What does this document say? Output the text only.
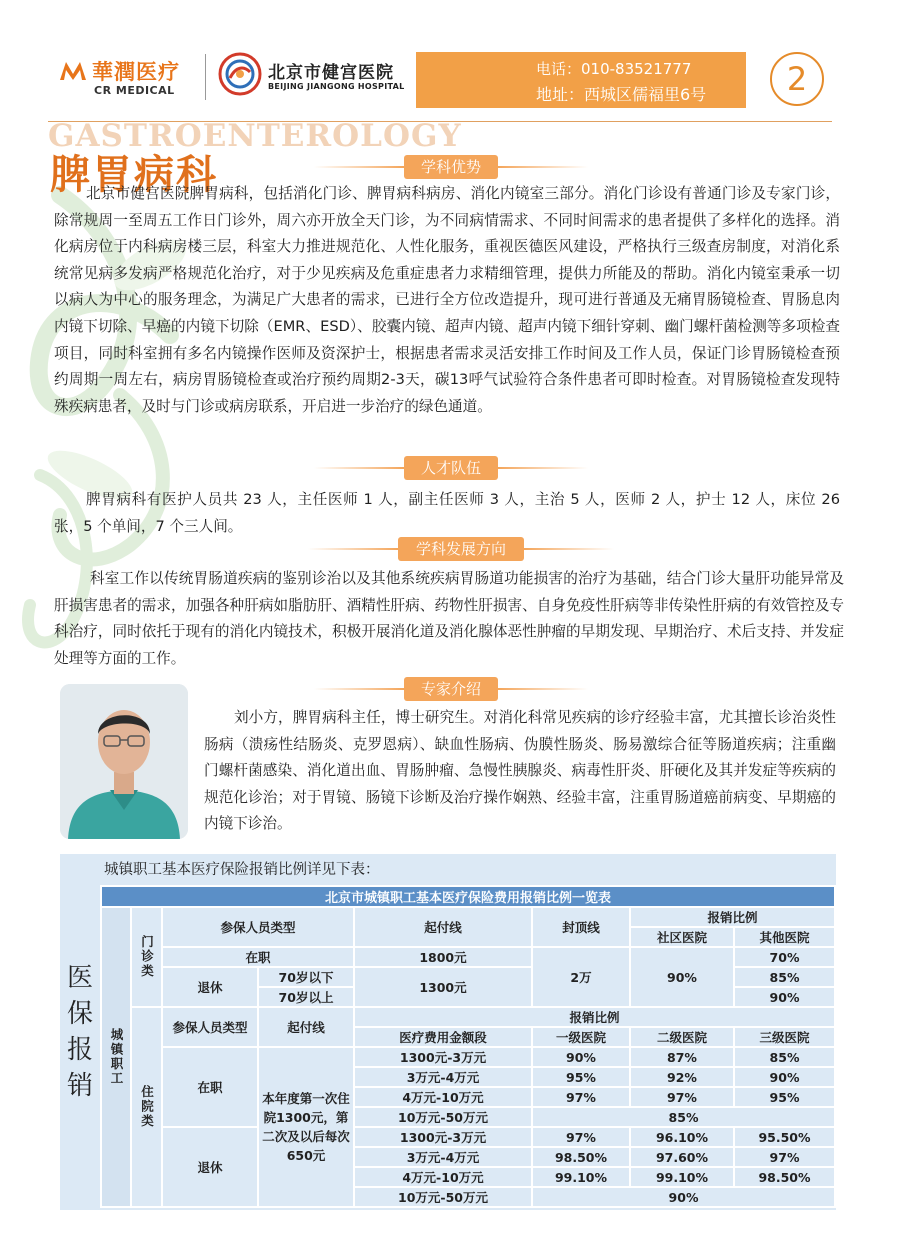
華潤医疗
CR MEDICAL
北京市健宫医院
BEIJING JIANGONG HOSPITAL
电话：010-83521777
地址：西城区儒福里6号	2
GASTROENTEROLOGY
脾胃病科	学科优势
北京市健宫医院脾胃病科，包括消化门诊、脾胃病科病房、消化内镜室三部分。消化门诊设有普通门诊及专家门诊，除常规周一至周五工作日门诊外，周六亦开放全天门诊，为不同病情需求、不同时间需求的患者提供了多样化的选择。消化病房位于内科病房楼三层，科室大力推进规范化、人性化服务，重视医德医风建设，严格执行三级查房制度，对消化系统常见病多发病严格规范化治疗，对于少见疾病及危重症患者力求精细管理，提供力所能及的帮助。消化内镜室秉承一切以病人为中心的服务理念，为满足广大患者的需求，已进行全方位改造提升，现可进行普通及无痛胃肠镜检查、胃肠息肉内镜下切除、早癌的内镜下切除（EMR、ESD）、胶囊内镜、超声内镜、超声内镜下细针穿刺、幽门螺杆菌检测等多项检查项目，同时科室拥有多名内镜操作医师及资深护士，根据患者需求灵活安排工作时间及工作人员，保证门诊胃肠镜检查预约周期一周左右，病房胃肠镜检查或治疗预约周期2-3天，碳13呼气试验符合条件患者可即时检查。对胃肠镜检查发现特殊疾病患者，及时与门诊或病房联系，开启进一步治疗的绿色通道。
人才队伍
脾胃病科有医护人员共 23 人，主任医师 1 人，副主任医师 3 人，主治 5 人，医师 2 人，护士 12 人，床位 26 张，5 个单间，7 个三人间。
学科发展方向
科室工作以传统胃肠道疾病的鉴别诊治以及其他系统疾病胃肠道功能损害的治疗为基础，结合门诊大量肝功能异常及肝损害患者的需求，加强各种肝病如脂肪肝、酒精性肝病、药物性肝损害、自身免疫性肝病等非传染性肝病的有效管控及专科治疗，同时依托于现有的消化内镜技术，积极开展消化道及消化腺体恶性肿瘤的早期发现、早期治疗、术后支持、并发症处理等方面的工作。
专家介绍
刘小方，脾胃病科主任，博士研究生。对消化科常见疾病的诊疗经验丰富，尤其擅长诊治炎性肠病（溃疡性结肠炎、克罗恩病）、缺血性肠病、伪膜性肠炎、肠易激综合征等肠道疾病；注重幽门螺杆菌感染、消化道出血、胃肠肿瘤、急慢性胰腺炎、病毒性肝炎、肝硬化及其并发症等疾病的规范化诊治；对于胃镜、肠镜下诊断及治疗操作娴熟、经验丰富，注重胃肠道癌前病变、早期癌的内镜下诊治。
城镇职工基本医疗保险报销比例详见下表：
医保报销
北京市城镇职工基本医疗保险费用报销比例一览表							

城镇职工	门诊类	参保人员类型		起付线	封顶线	报销比例	
						社区医院	其他医院
		在职		1800元	2万	90%	70%
		退休	70岁以下	1300元			85%
			70岁以上				90%

	住院类	参保人员类型	起付线	报销比例			
				医疗费用金额段	一级医院	二级医院	三级医院
		在职	本年度第一次住院1300元，第二次及以后每次650元	1300元-3万元	90%	87%	85%
				3万元-4万元	95%	92%	90%
				4万元-10万元	97%	97%	95%
				10万元-50万元	85%		
		退休		1300元-3万元	97%	96.10%	95.50%
				3万元-4万元	98.50%	97.60%	97%
				4万元-10万元	99.10%	99.10%	98.50%
				10万元-50万元	90%		
